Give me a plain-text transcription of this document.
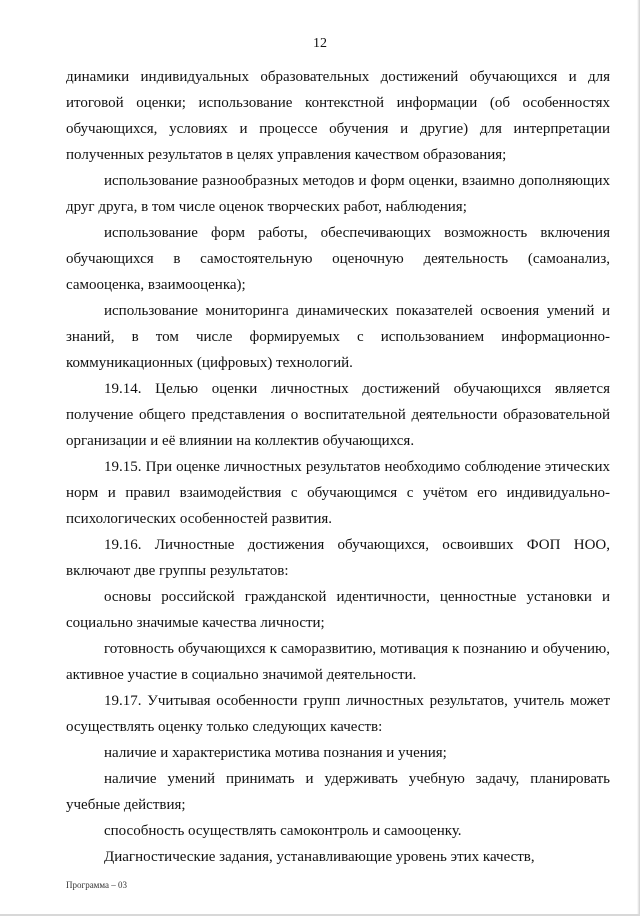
12

динамики индивидуальных образовательных достижений обучающихся и для итоговой оценки; использование контекстной информации (об особенностях обучающихся, условиях и процессе обучения и другие) для интерпретации полученных результатов в целях управления качеством образования;

использование разнообразных методов и форм оценки, взаимно дополняющих друг друга, в том числе оценок творческих работ, наблюдения;

использование форм работы, обеспечивающих возможность включения обучающихся в самостоятельную оценочную деятельность (самоанализ, самооценка, взаимооценка);

использование мониторинга динамических показателей освоения умений и знаний, в том числе формируемых с использованием информационно-коммуникационных (цифровых) технологий.

19.14. Целью оценки личностных достижений обучающихся является получение общего представления о воспитательной деятельности образовательной организации и её влиянии на коллектив обучающихся.

19.15. При оценке личностных результатов необходимо соблюдение этических норм и правил взаимодействия с обучающимся с учётом его индивидуально-психологических особенностей развития.

19.16. Личностные достижения обучающихся, освоивших ФОП НОО, включают две группы результатов:

основы российской гражданской идентичности, ценностные установки и социально значимые качества личности;

готовность обучающихся к саморазвитию, мотивация к познанию и обучению, активное участие в социально значимой деятельности.

19.17. Учитывая особенности групп личностных результатов, учитель может осуществлять оценку только следующих качеств:

наличие и характеристика мотива познания и учения;

наличие умений принимать и удерживать учебную задачу, планировать учебные действия;

способность осуществлять самоконтроль и самооценку.

Диагностические задания, устанавливающие уровень этих качеств,

Программа – 03
